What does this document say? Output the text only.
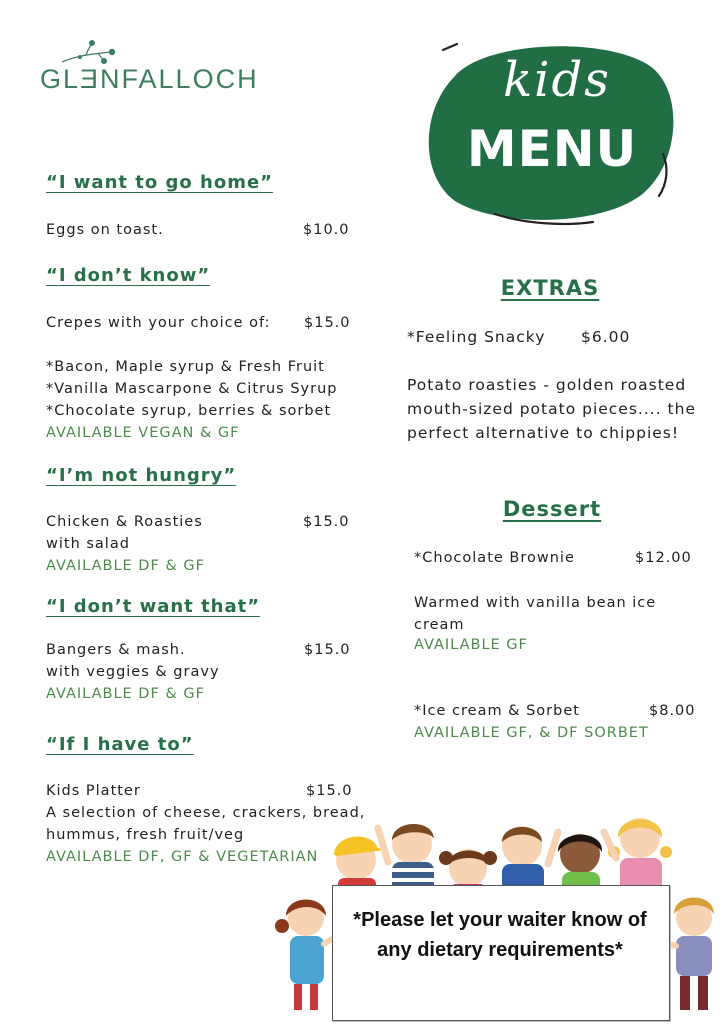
GLƎNFALLOCH	kids
MENU
“I want to go home”
Eggs on toast.	$10.0
“I don’t know”
Crepes with your choice of: $15.0
*Bacon, Maple syrup & Fresh Fruit
*Vanilla Mascarpone & Citrus Syrup
*Chocolate syrup, berries & sorbet
AVAILABLE VEGAN & GF
“I’m not hungry”
Chicken & Roasties	$15.0
with salad
AVAILABLE DF & GF
“I don’t want that”
Bangers & mash.	$15.0
with veggies & gravy
AVAILABLE DF & GF
“If I have to”
Kids Platter	$15.0
A selection of cheese, crackers, bread,
hummus, fresh fruit/veg
AVAILABLE DF, GF & VEGETARIAN
EXTRAS
*Feeling Snacky $6.00
Potato roasties - golden roasted mouth-sized potato pieces.... the perfect alternative to chippies!
Dessert
*Chocolate Brownie	$12.00
Warmed with vanilla bean ice cream
AVAILABLE GF
*Ice cream & Sorbet	$8.00
AVAILABLE GF, & DF SORBET
*Please let your waiter know of any dietary requirements*
